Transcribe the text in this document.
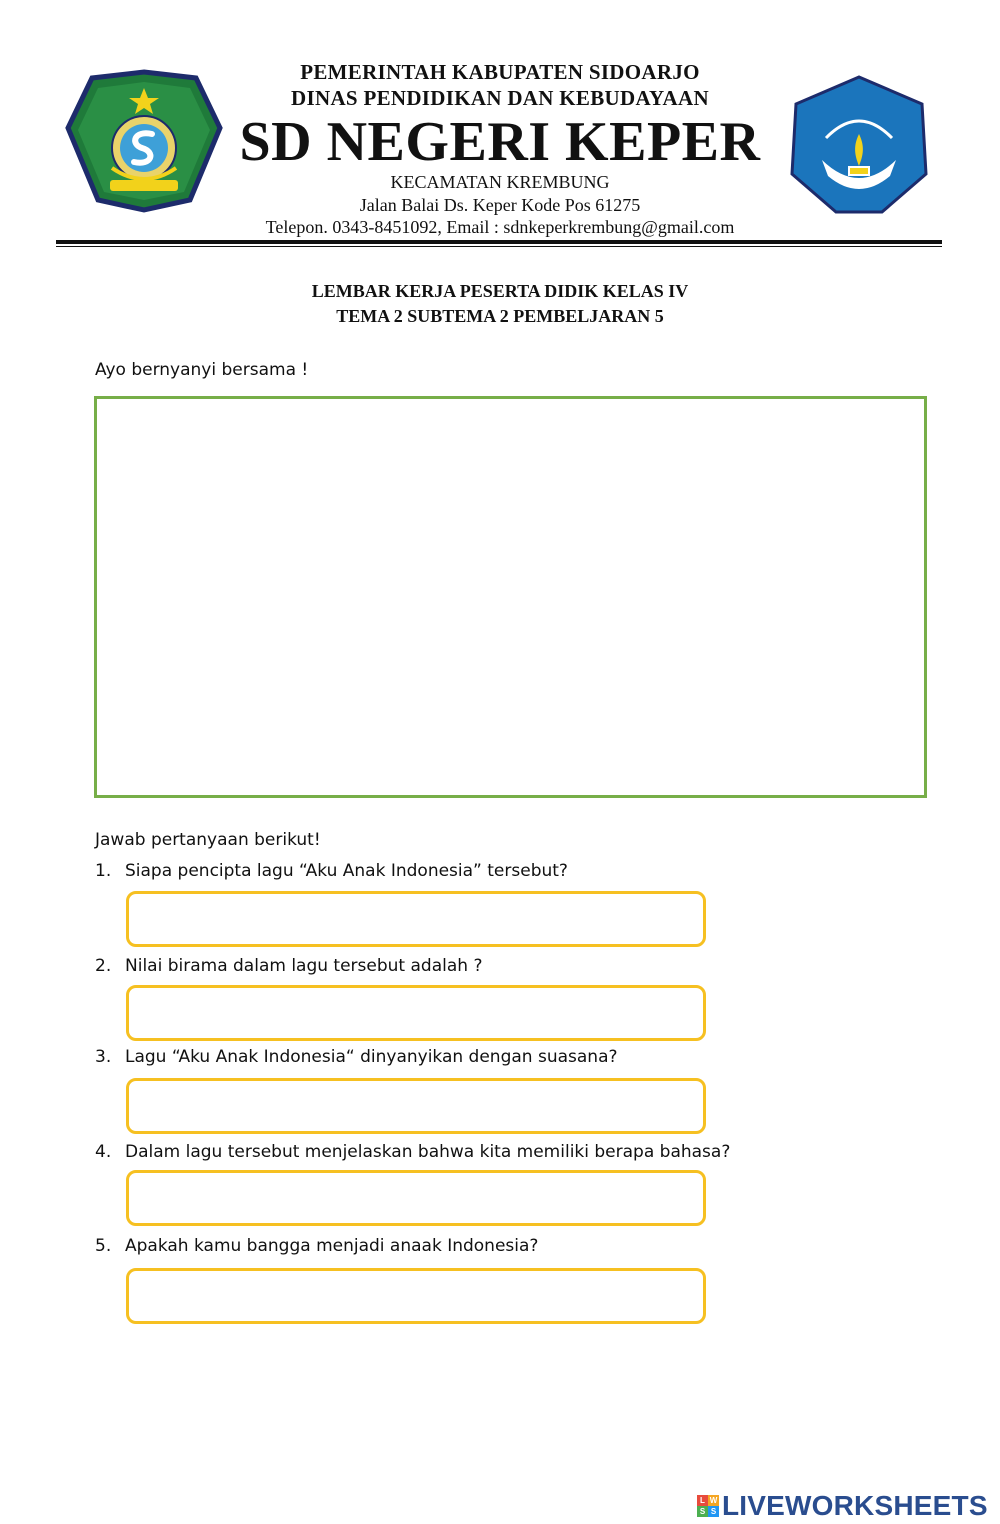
PEMERINTAH KABUPATEN SIDOARJO
DINAS PENDIDIKAN DAN KEBUDAYAAN
SD NEGERI KEPER
KECAMATAN KREMBUNG
Jalan Balai Ds. Keper Kode Pos 61275
Telepon. 0343-8451092, Email : sdnkeperkrembung@gmail.com
LEMBAR KERJA PESERTA DIDIK KELAS IV
TEMA 2 SUBTEMA 2 PEMBELJARAN 5
Ayo bernyanyi bersama !
Jawab pertanyaan berikut!
1. Siapa pencipta lagu “Aku Anak Indonesia” tersebut?
2. Nilai birama dalam lagu tersebut adalah ?
3. Lagu “Aku Anak Indonesia“ dinyanyikan dengan suasana?
4. Dalam lagu tersebut menjelaskan bahwa kita memiliki berapa bahasa?
5. Apakah kamu bangga menjadi anaak Indonesia?
L W
S S LIVEWORKSHEETS
